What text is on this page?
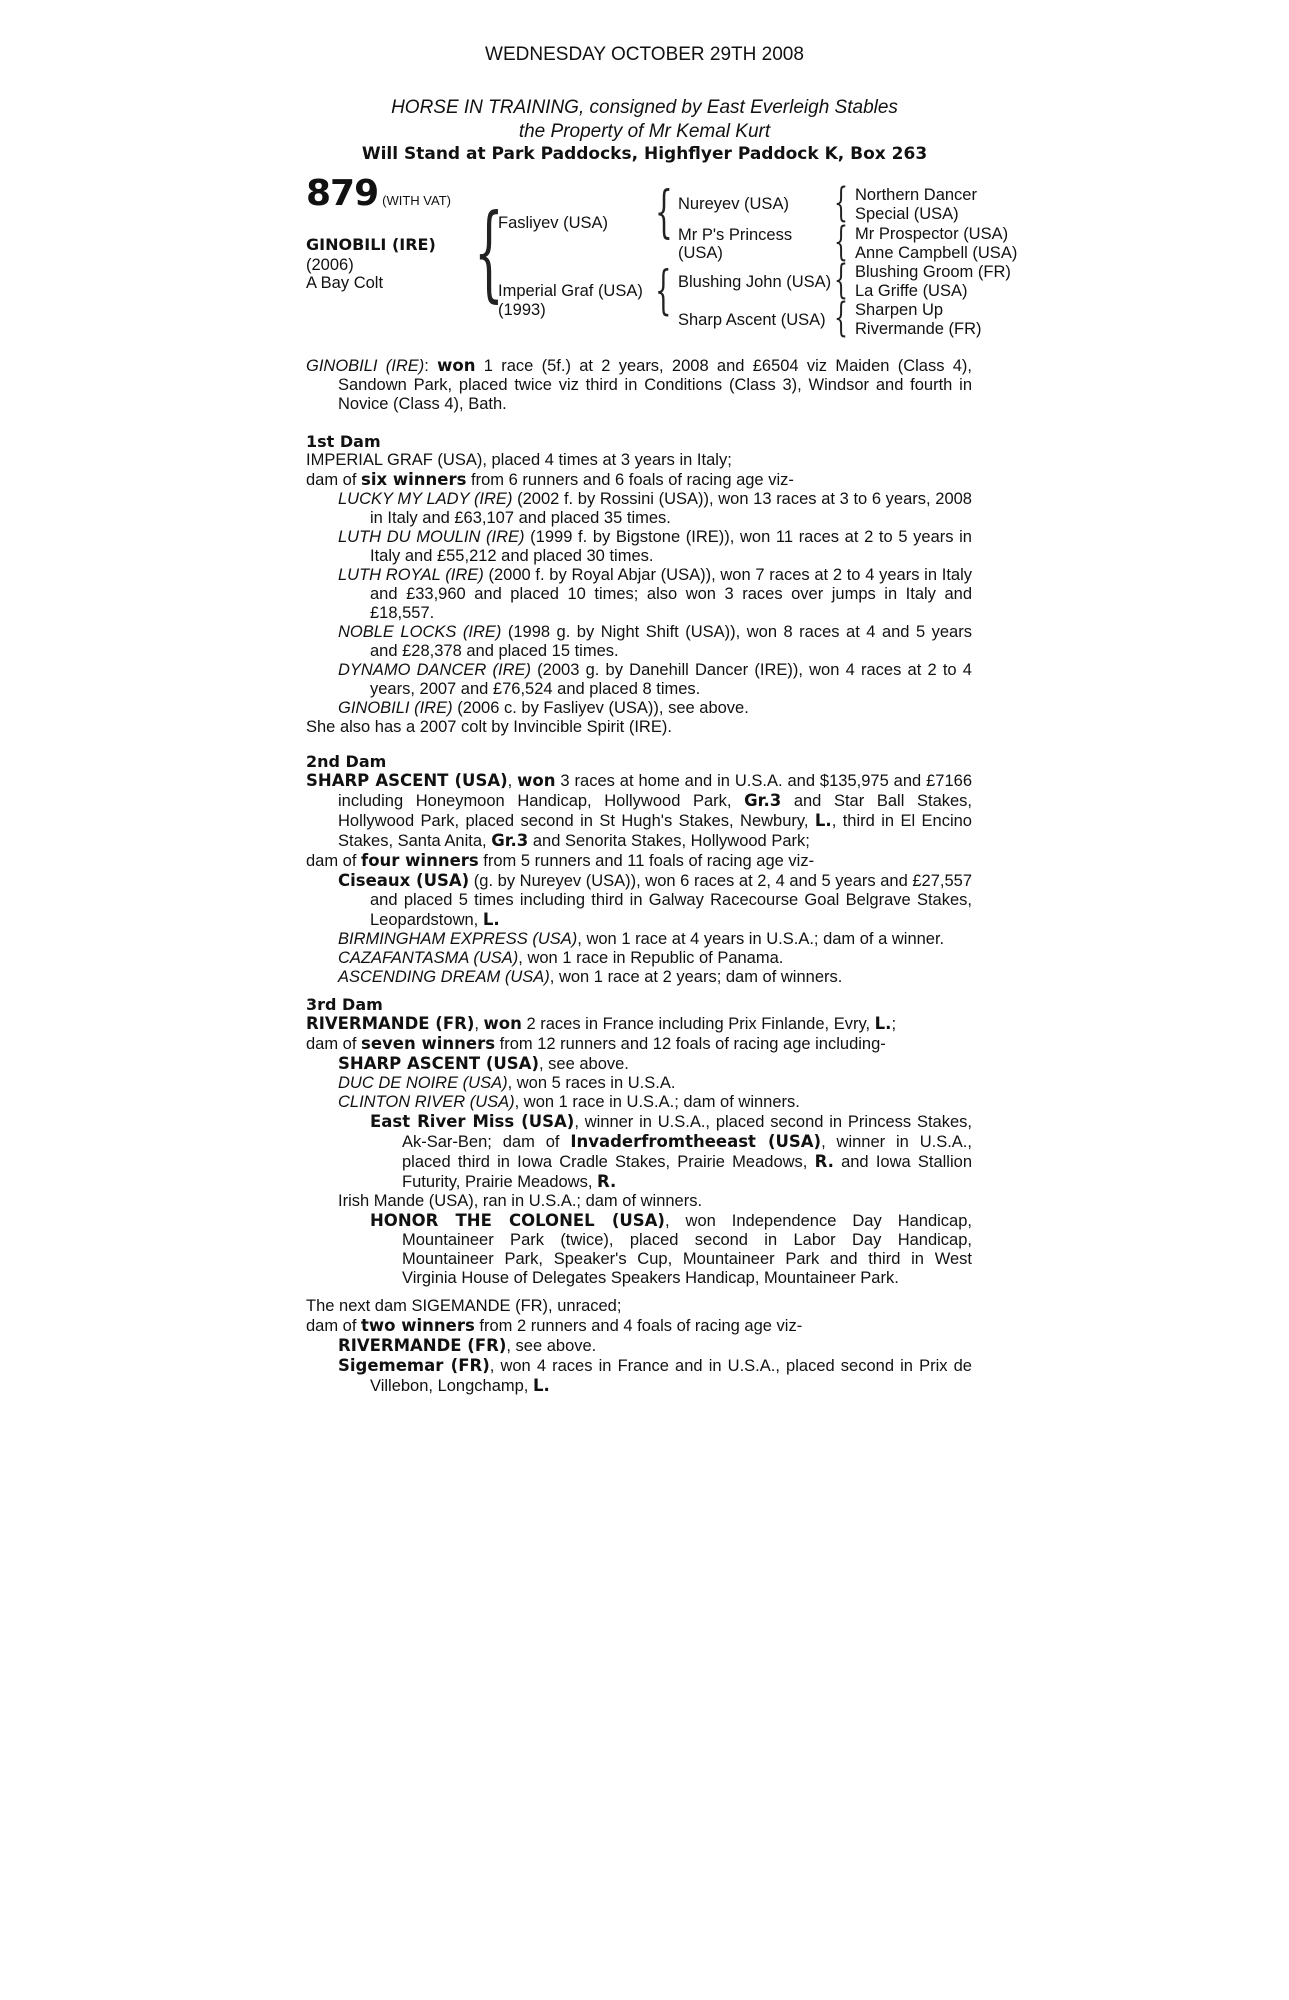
WEDNESDAY OCTOBER 29TH 2008
HORSE IN TRAINING, consigned by East Everleigh Stables
the Property of Mr Kemal Kurt
Will Stand at Park Paddocks, Highflyer Paddock K, Box 263
879 (WITH VAT)
GINOBILI (IRE)
(2006)
A Bay Colt {
Fasliyev (USA)
Imperial Graf (USA)
(1993)
{ Nureyev (USA)
Mr P's Princess
(USA)
{ Blushing John (USA)
Sharp Ascent (USA)
{ Northern Dancer
Special (USA)
{ Mr Prospector (USA)
Anne Campbell (USA)
{ Blushing Groom (FR)
La Griffe (USA)
{ Sharpen Up
Rivermande (FR)

GINOBILI (IRE): won 1 race (5f.) at 2 years, 2008 and £6504 viz Maiden (Class 4), Sandown Park, placed twice viz third in Conditions (Class 3), Windsor and fourth in Novice (Class 4), Bath.

1st Dam

IMPERIAL GRAF (USA), placed 4 times at 3 years in Italy;

dam of six winners from 6 runners and 6 foals of racing age viz-

LUCKY MY LADY (IRE) (2002 f. by Rossini (USA)), won 13 races at 3 to 6 years, 2008 in Italy and £63,107 and placed 35 times.

LUTH DU MOULIN (IRE) (1999 f. by Bigstone (IRE)), won 11 races at 2 to 5 years in Italy and £55,212 and placed 30 times.

LUTH ROYAL (IRE) (2000 f. by Royal Abjar (USA)), won 7 races at 2 to 4 years in Italy and £33,960 and placed 10 times; also won 3 races over jumps in Italy and £18,557.

NOBLE LOCKS (IRE) (1998 g. by Night Shift (USA)), won 8 races at 4 and 5 years and £28,378 and placed 15 times.

DYNAMO DANCER (IRE) (2003 g. by Danehill Dancer (IRE)), won 4 races at 2 to 4 years, 2007 and £76,524 and placed 8 times.

GINOBILI (IRE) (2006 c. by Fasliyev (USA)), see above.

She also has a 2007 colt by Invincible Spirit (IRE).

2nd Dam

SHARP ASCENT (USA), won 3 races at home and in U.S.A. and $135,975 and £7166 including Honeymoon Handicap, Hollywood Park, Gr.3 and Star Ball Stakes, Hollywood Park, placed second in St Hugh's Stakes, Newbury, L., third in El Encino Stakes, Santa Anita, Gr.3 and Senorita Stakes, Hollywood Park;

dam of four winners from 5 runners and 11 foals of racing age viz-

Ciseaux (USA) (g. by Nureyev (USA)), won 6 races at 2, 4 and 5 years and £27,557 and placed 5 times including third in Galway Racecourse Goal Belgrave Stakes, Leopardstown, L.

BIRMINGHAM EXPRESS (USA), won 1 race at 4 years in U.S.A.; dam of a winner.

CAZAFANTASMA (USA), won 1 race in Republic of Panama.

ASCENDING DREAM (USA), won 1 race at 2 years; dam of winners.

3rd Dam

RIVERMANDE (FR), won 2 races in France including Prix Finlande, Evry, L.;

dam of seven winners from 12 runners and 12 foals of racing age including-

SHARP ASCENT (USA), see above.

DUC DE NOIRE (USA), won 5 races in U.S.A.

CLINTON RIVER (USA), won 1 race in U.S.A.; dam of winners.

East River Miss (USA), winner in U.S.A., placed second in Princess Stakes, Ak-Sar-Ben; dam of Invaderfromtheeast (USA), winner in U.S.A., placed third in Iowa Cradle Stakes, Prairie Meadows, R. and Iowa Stallion Futurity, Prairie Meadows, R.

Irish Mande (USA), ran in U.S.A.; dam of winners.

HONOR THE COLONEL (USA), won Independence Day Handicap, Mountaineer Park (twice), placed second in Labor Day Handicap, Mountaineer Park, Speaker's Cup, Mountaineer Park and third in West Virginia House of Delegates Speakers Handicap, Mountaineer Park.

The next dam SIGEMANDE (FR), unraced;

dam of two winners from 2 runners and 4 foals of racing age viz-

RIVERMANDE (FR), see above.

Sigememar (FR), won 4 races in France and in U.S.A., placed second in Prix de Villebon, Longchamp, L.
